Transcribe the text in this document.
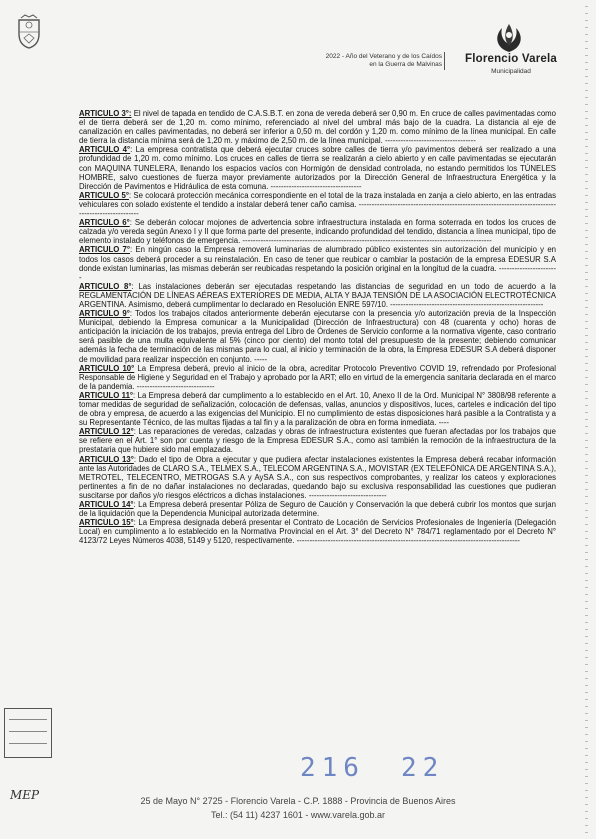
2022 - Año del Veterano y de los Caídos
en la Guerra de Malvinas	Florencio Varela
Municipalidad

ARTICULO 3°: El nivel de tapada en tendido de C.A.S.B.T. en zona de vereda deberá ser 0,90 m. En cruce de calles pavimentadas como el de tierra deberá ser de 1,20 m. como mínimo, referenciado al nivel del umbral más bajo de la cuadra. La distancia al eje de canalización en calles pavimentadas, no deberá ser inferior a 0,50 m. del cordón y 1,20 m. como mínimo de la línea municipal. En calle de tierra la distancia mínima será de 1,20 m. y máximo de 2,50 m. de la línea municipal. -----------------------------------

ARTICULO 4°: La empresa contratista que deberá ejecutar cruces sobre calles de tierra y/o pavimentos deberá ser realizado a una profundidad de 1,20 m. como mínimo. Los cruces en calles de tierra se realizarán a cielo abierto y en calle pavimentadas se ejecutarán con MAQUINA TUNELERA, llenando los espacios vacíos con Hormigón de densidad controlada, no estando permitidos los TÚNELES HOMBRE, salvo cuestiones de fuerza mayor previamente autorizados por la Dirección General de Infraestructura Energética y la Dirección de Pavimentos e Hidráulica de esta comuna. -----------------------------------

ARTICULO 5°: Se colocará protección mecánica correspondiente en el total de la traza instalada en zanja a cielo abierto, en las entradas vehiculares con solado existente el tendido a instalar deberá tener caño camisa. ---------------------------------------------------------------------------------------------------

ARTICULO 6°: Se deberán colocar mojones de advertencia sobre infraestructura instalada en forma soterrada en todos los cruces de calzada y/o vereda según Anexo I y II que forma parte del presente, indicando profundidad del tendido, distancia a línea municipal, tipo de elemento instalado y teléfonos de emergencia. ------------------------------------------------------------------------------------------------

ARTICULO 7°: En ningún caso la Empresa removerá luminarias de alumbrado público existentes sin autorización del municipio y en todos los casos deberá proceder a su reinstalación. En caso de tener que reubicar o cambiar la postación de la empresa EDESUR S.A donde existan luminarias, las mismas deberán ser reubicadas respetando la posición original en la longitud de la cuadra. -----------------------

ARTICULO 8°: Las instalaciones deberán ser ejecutadas respetando las distancias de seguridad en un todo de acuerdo a la REGLAMENTACIÓN DE LÍNEAS AÉREAS EXTERIORES DE MEDIA, ALTA Y BAJA TENSIÓN DE LA ASOCIACIÓN ELECTROTÉCNICA ARGENTINA. Asimismo, deberá cumplimentar lo declarado en Resolución ENRE 597/10. -----------------------------------------------------------

ARTICULO 9°: Todos los trabajos citados anteriormente deberán ejecutarse con la presencia y/o autorización previa de la Inspección Municipal, debiendo la Empresa comunicar a la Municipalidad (Dirección de Infraestructura) con 48 (cuarenta y ocho) horas de anticipación la iniciación de los trabajos, previa entrega del Libro de Órdenes de Servicio conforme a la normativa vigente, caso contrario será pasible de una multa equivalente al 5% (cinco por ciento) del monto total del presupuesto de la presente; debiendo comunicar además la fecha de terminación de las mismas para lo cual, al inicio y terminación de la obra, la Empresa EDESUR S.A deberá disponer de movilidad para realizar inspección en conjunto. -----

ARTICULO 10° La Empresa deberá, previo al inicio de la obra, acreditar Protocolo Preventivo COVID 19, refrendado por Profesional Responsable de Higiene y Seguridad en el Trabajo y aprobado por la ART; ello en virtud de la emergencia sanitaria declarada en el marco de la pandemia. ------------------------------

ARTICULO 11°: La Empresa deberá dar cumplimento a lo establecido en el Art. 10, Anexo II de la Ord. Municipal N° 3808/98 referente a tomar medidas de seguridad de señalización, colocación de defensas, vallas, anuncios y dispositivos, luces, carteles e indicación del tipo de obra y empresa, de acuerdo a las exigencias del Municipio. El no cumplimiento de estas disposiciones hará pasible a la Contratista y a su Representante Técnico, de las multas fijadas a tal fin y a la paralización de obra en forma inmediata. ----

ARTICULO 12°: Las reparaciones de veredas, calzadas y obras de infraestructura existentes que fueran afectadas por los trabajos que se refiere en el Art. 1° son por cuenta y riesgo de la Empresa EDESUR S.A., como así también la remoción de la infraestructura de la prestataria que hubiere sido mal emplazada.

ARTICULO 13°: Dado el tipo de Obra a ejecutar y que pudiera afectar instalaciones existentes la Empresa deberá recabar información ante las Autoridades de CLARO S.A., TELMEX S.A., TELECOM ARGENTINA S.A., MOVISTAR (EX TELEFÓNICA DE ARGENTINA S.A.), METROTEL, TELECENTRO, METROGAS S.A y AySA S.A., con sus respectivos comprobantes, y realizar los cateos y exploraciones pertinentes a fin de no dañar instalaciones no declaradas, quedando bajo su exclusiva responsabilidad las cuestiones que pudieran suscitarse por daños y/o riesgos eléctricos a dichas instalaciones. ------------------------------

ARTICULO 14°: La Empresa deberá presentar Póliza de Seguro de Caución y Conservación la que deberá cubrir los montos que surjan de la liquidación que la Dependencia Municipal autorizada determine.

ARTICULO 15°: La Empresa designada deberá presentar el Contrato de Locación de Servicios Profesionales de Ingeniería (Delegación Local) en cumplimento a lo establecido en la Normativa Provincial en el Art. 3° del Decreto N° 784/71 reglamentado por el Decreto N° 4123/72 Leyes Números 4038, 5149 y 5120, respectivamente. --------------------------------------------------------------------------------------

MEP
216 22
25 de Mayo N° 2725 - Florencio Varela - C.P. 1888 - Provincia de Buenos Aires
Tel.: (54 11) 4237 1601 - www.varela.gob.ar
